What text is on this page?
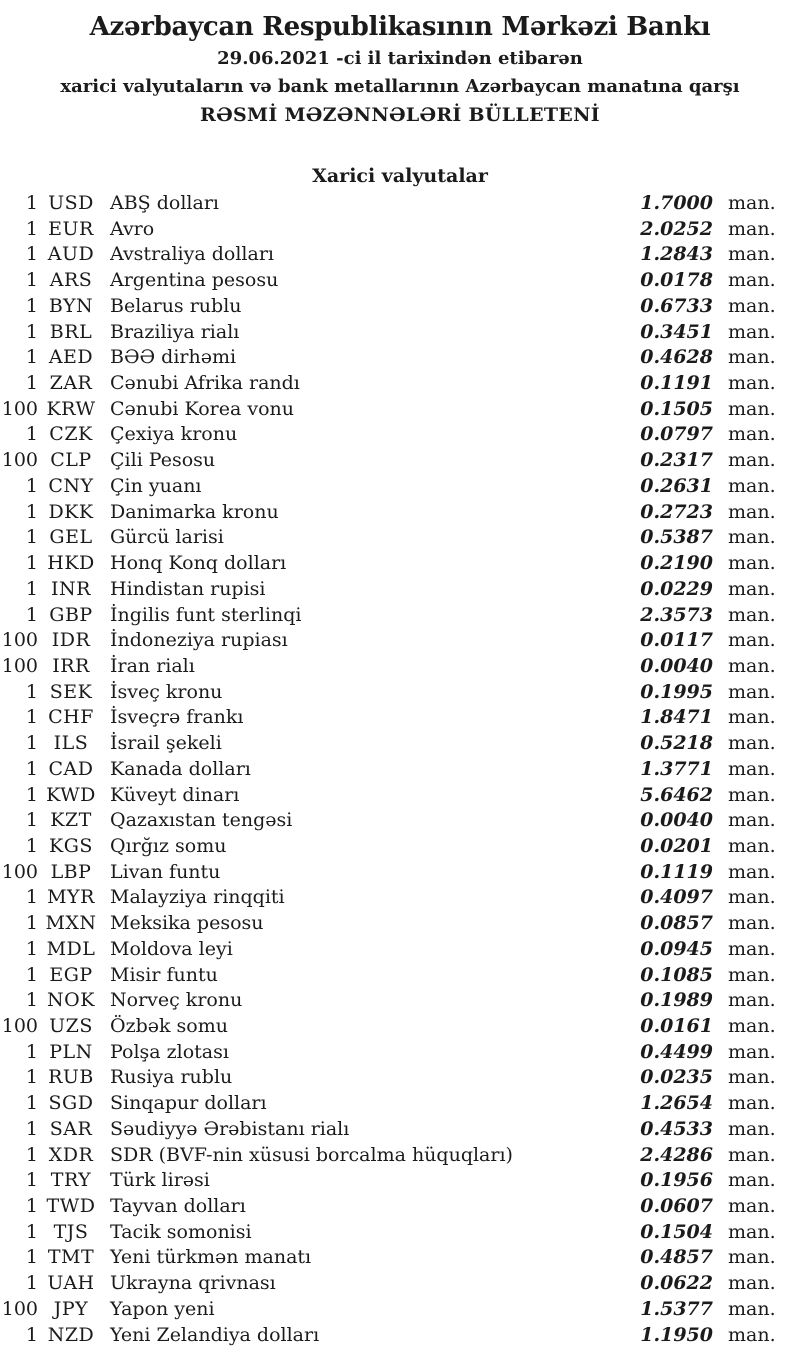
Azərbaycan Respublikasının Mərkəzi Bankı
29.06.2021 -ci il tarixindən etibarən
xarici valyutaların və bank metallarının Azərbaycan manatına qarşı
RƏSMİ MƏZƏNNƏLƏRİ BÜLLETENİ
Xarici valyutalar
1 USD ABŞ dolları	1.7000 man.
1 EUR Avro	2.0252 man.
1 AUD Avstraliya dolları	1.2843 man.
1 ARS Argentina pesosu	0.0178 man.
1 BYN Belarus rublu	0.6733 man.
1 BRL Braziliya rialı	0.3451 man.
1 AED BƏƏ dirhəmi	0.4628 man.
1 ZAR Cənubi Afrika randı	0.1191 man.
100 KRW Cənubi Korea vonu	0.1505 man.
1 CZK Çexiya kronu	0.0797 man.
100 CLP Çili Pesosu	0.2317 man.
1 CNY Çin yuanı	0.2631 man.
1 DKK Danimarka kronu	0.2723 man.
1 GEL Gürcü larisi	0.5387 man.
1 HKD Honq Konq dolları	0.2190 man.
1 INR	Hindistan rupisi	0.0229 man.
1 GBP İngilis funt sterlinqi	2.3573 man.
100 IDR	İndoneziya rupiası	0.0117 man.
100 IRR	İran rialı	0.0040 man.
1 SEK İsveç kronu	0.1995 man.
1 CHF İsveçrə frankı	1.8471 man.
1 ILS	İsrail şekeli	0.5218 man.
1 CAD Kanada dolları	1.3771 man.
1 KWD Küveyt dinarı	5.6462 man.
1 KZT Qazaxıstan tengəsi	0.0040 man.
1 KGS Qırğız somu	0.0201 man.
100 LBP Livan funtu	0.1119 man.
1 MYR Malayziya rinqqiti	0.4097 man.
1 MXN Meksika pesosu	0.0857 man.
1 MDL Moldova leyi	0.0945 man.
1 EGP Misir funtu	0.1085 man.
1 NOK Norveç kronu	0.1989 man.
100 UZS Özbək somu	0.0161 man.
1 PLN Polşa zlotası	0.4499 man.
1 RUB Rusiya rublu	0.0235 man.
1 SGD Sinqapur dolları	1.2654 man.
1 SAR Səudiyyə Ərəbistanı rialı	0.4533 man.
1 XDR SDR (BVF-nin xüsusi borcalma hüquqları)	2.4286 man.
1 TRY Türk lirəsi	0.1956 man.
1 TWD Tayvan dolları	0.0607 man.
1 TJS	Tacik somonisi	0.1504 man.
1 TMT Yeni türkmən manatı	0.4857 man.
1 UAH Ukrayna qrivnası	0.0622 man.
100 JPY	Yapon yeni	1.5377 man.
1 NZD Yeni Zelandiya dolları	1.1950 man.
